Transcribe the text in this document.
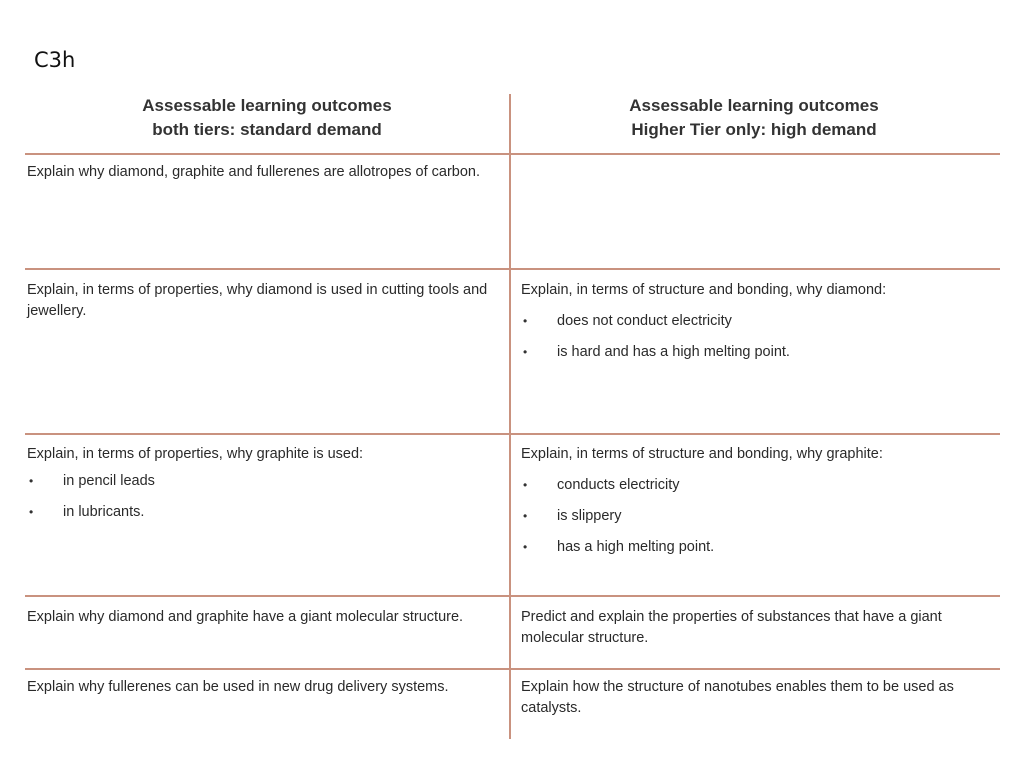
C3h
Assessable learning outcomes
both tiers: standard demand
Assessable learning outcomes
Higher Tier only: high demand
Explain why diamond, graphite and fullerenes are allotropes of carbon.
Explain, in terms of properties, why diamond is used in cutting tools and jewellery.
Explain, in terms of structure and bonding, why diamond:
• does not conduct electricity
• is hard and has a high melting point.
Explain, in terms of properties, why graphite is used:
• in pencil leads
• in lubricants.
Explain, in terms of structure and bonding, why graphite:
• conducts electricity
• is slippery
• has a high melting point.
Explain why diamond and graphite have a giant molecular structure.	Predict and explain the properties of substances that have a giant molecular structure.
Explain why fullerenes can be used in new drug delivery systems.	Explain how the structure of nanotubes enables them to be used as catalysts.
